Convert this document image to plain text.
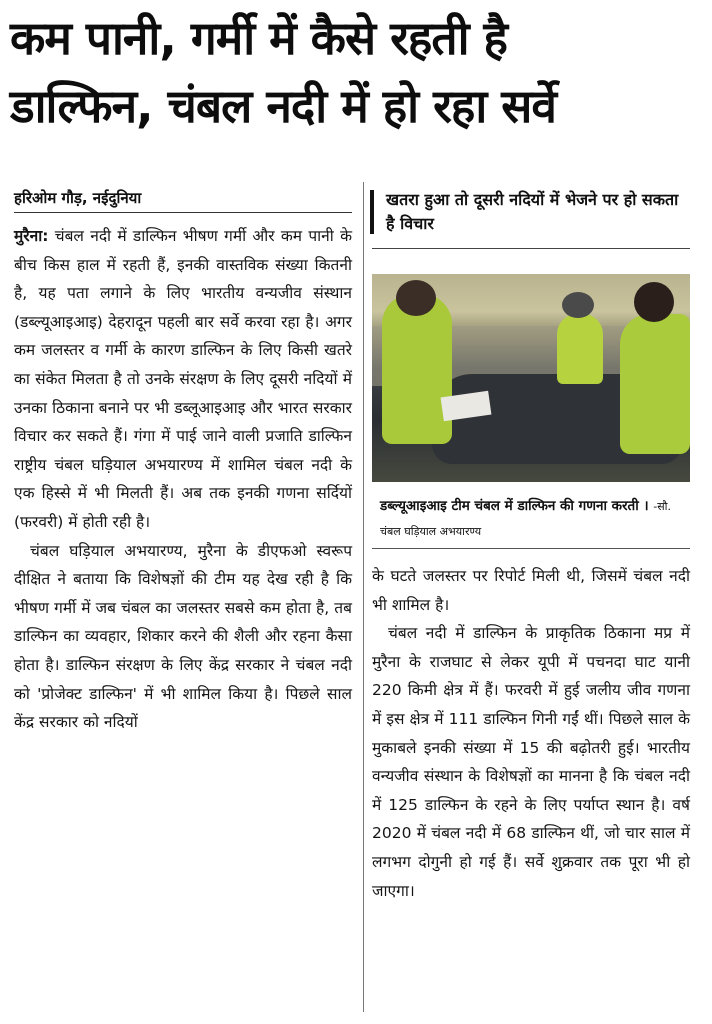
कम पानी, गर्मी में कैसे रहती है
डाल्फिन, चंबल नदी में हो रहा सर्वे
हरिओम गौड़, नईदुनिया

मुरैना: चंबल नदी में डाल्फिन भीषण गर्मी और कम पानी के बीच किस हाल में रहती हैं, इनकी वास्तविक संख्या कितनी है, यह पता लगाने के लिए भारतीय वन्यजीव संस्थान (डब्ल्यूआइआइ) देहरादून पहली बार सर्वे करवा रहा है। अगर कम जलस्तर व गर्मी के कारण डाल्फिन के लिए किसी खतरे का संकेत मिलता है तो उनके संरक्षण के लिए दूसरी नदियों में उनका ठिकाना बनाने पर भी डब्लूआइआइ और भारत सरकार विचार कर सकते हैं। गंगा में पाई जाने वाली प्रजाति डाल्फिन राष्ट्रीय चंबल घड़ियाल अभयारण्य में शामिल चंबल नदी के एक हिस्से में भी मिलती हैं। अब तक इनकी गणना सर्दियों (फरवरी) में होती रही है।

चंबल घड़ियाल अभयारण्य, मुरैना के डीएफओ स्वरूप दीक्षित ने बताया कि विशेषज्ञों की टीम यह देख रही है कि भीषण गर्मी में जब चंबल का जलस्तर सबसे कम होता है, तब डाल्फिन का व्यवहार, शिकार करने की शैली और रहना कैसा होता है। डाल्फिन संरक्षण के लिए केंद्र सरकार ने चंबल नदी को 'प्रोजेक्ट डाल्फिन' में भी शामिल किया है। पिछले साल केंद्र सरकार को नदियों

खतरा हुआ तो दूसरी नदियों में भेजने पर हो सकता है विचार
डब्ल्यूआइआइ टीम चंबल में डाल्फिन की गणना करती । -सौ. चंबल घड़ियाल अभयारण्य

के घटते जलस्तर पर रिपोर्ट मिली थी, जिसमें चंबल नदी भी शामिल है।

चंबल नदी में डाल्फिन के प्राकृतिक ठिकाना मप्र में मुरैना के राजघाट से लेकर यूपी में पचनदा घाट यानी 220 किमी क्षेत्र में हैं। फरवरी में हुई जलीय जीव गणना में इस क्षेत्र में 111 डाल्फिन गिनी गईं थीं। पिछले साल के मुकाबले इनकी संख्या में 15 की बढ़ोतरी हुई। भारतीय वन्यजीव संस्थान के विशेषज्ञों का मानना है कि चंबल नदी में 125 डाल्फिन के रहने के लिए पर्याप्त स्थान है। वर्ष 2020 में चंबल नदी में 68 डाल्फिन थीं, जो चार साल में लगभग दोगुनी हो गई हैं। सर्वे शुक्रवार तक पूरा भी हो जाएगा।
